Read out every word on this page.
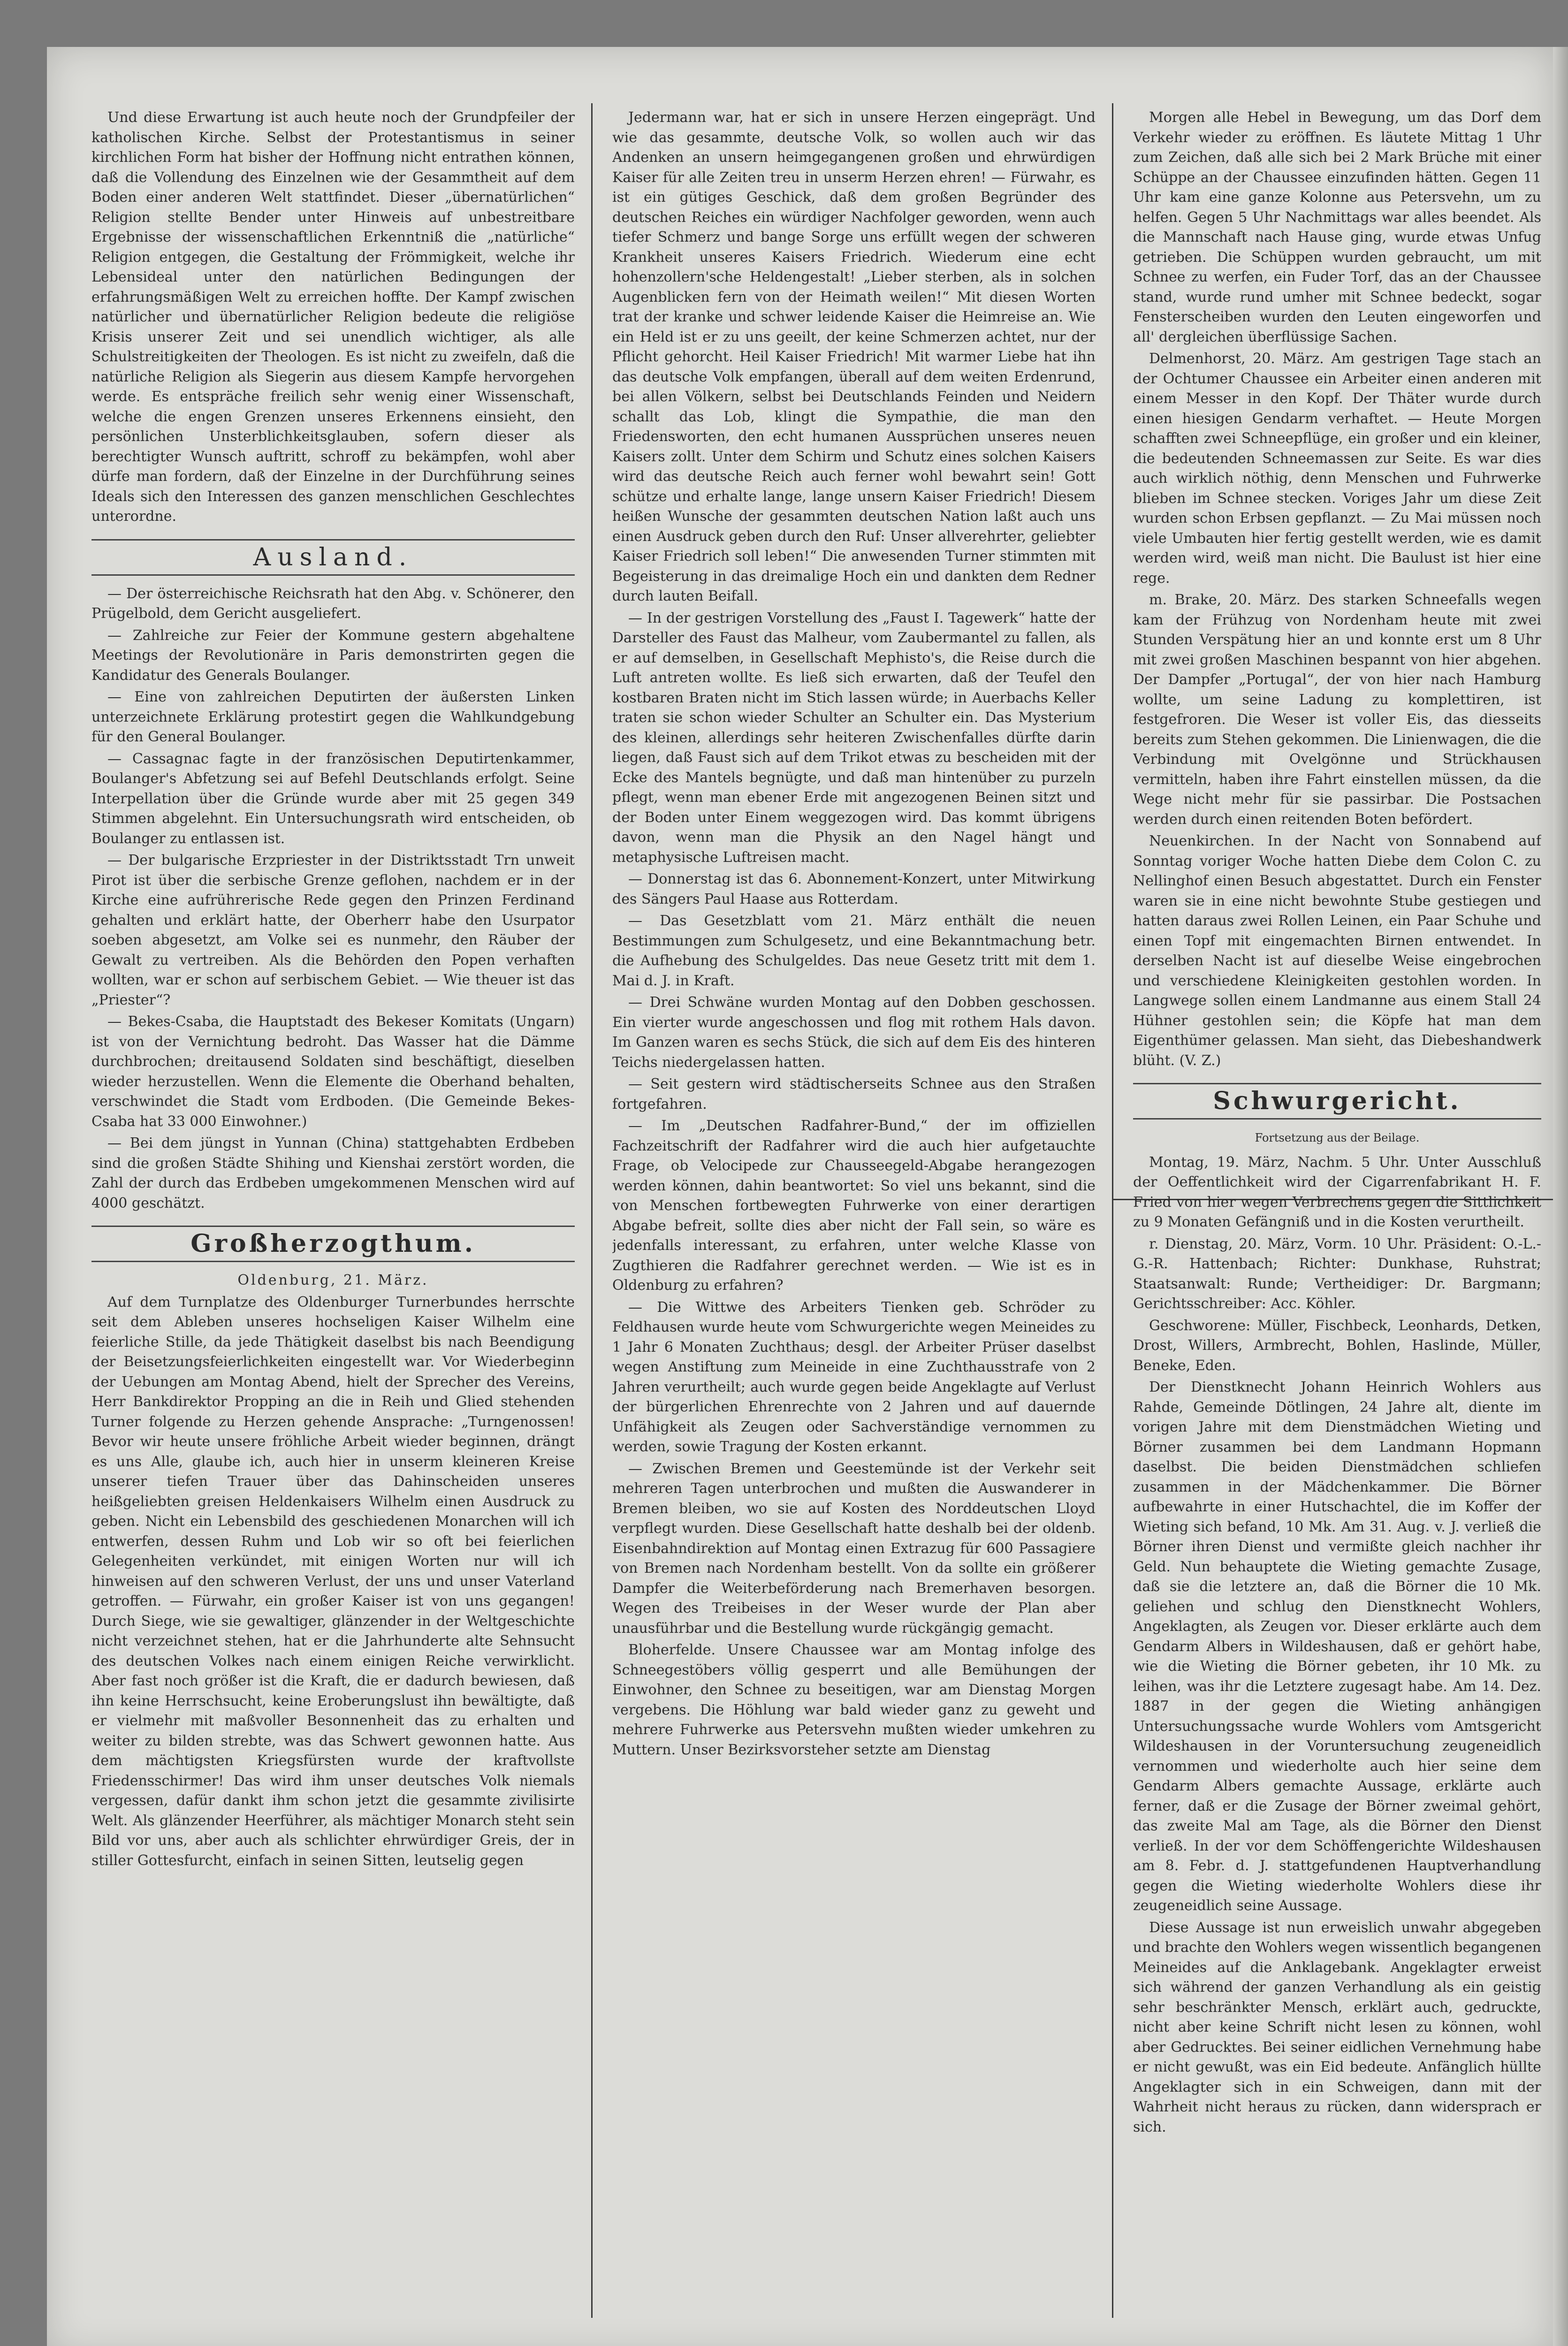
Und diese Erwartung ist auch heute noch der Grundpfeiler der katholischen Kirche. Selbst der Protestantismus in seiner kirchlichen Form hat bisher der Hoffnung nicht entrathen können, daß die Vollendung des Einzelnen wie der Gesammtheit auf dem Boden einer anderen Welt stattfindet. Dieser „übernatürlichen“ Religion stellte Bender unter Hinweis auf unbestreitbare Ergebnisse der wissenschaftlichen Erkenntniß die „natürliche“ Religion entgegen, die Gestaltung der Frömmigkeit, welche ihr Lebensideal unter den natürlichen Bedingungen der erfahrungsmäßigen Welt zu erreichen hoffte. Der Kampf zwischen natürlicher und übernatürlicher Religion bedeute die religiöse Krisis unserer Zeit und sei unendlich wichtiger, als alle Schulstreitigkeiten der Theologen. Es ist nicht zu zweifeln, daß die natürliche Religion als Siegerin aus diesem Kampfe hervorgehen werde. Es entspräche freilich sehr wenig einer Wissenschaft, welche die engen Grenzen unseres Erkennens einsieht, den persönlichen Unsterblichkeitsglauben, sofern dieser als berechtigter Wunsch auftritt, schroff zu bekämpfen, wohl aber dürfe man fordern, daß der Einzelne in der Durchführung seines Ideals sich den Interessen des ganzen menschlichen Geschlechtes unterordne.

Ausland.

— Der österreichische Reichsrath hat den Abg. v. Schönerer, den Prügelbold, dem Gericht ausgeliefert.

— Zahlreiche zur Feier der Kommune gestern abgehaltene Meetings der Revolutionäre in Paris demonstrirten gegen die Kandidatur des Generals Boulanger.

— Eine von zahlreichen Deputirten der äußersten Linken unterzeichnete Erklärung protestirt gegen die Wahlkundgebung für den General Boulanger.

— Cassagnac fagte in der französischen Deputirtenkammer, Boulanger's Abfetzung sei auf Befehl Deutschlands erfolgt. Seine Interpellation über die Gründe wurde aber mit 25 gegen 349 Stimmen abgelehnt. Ein Untersuchungsrath wird entscheiden, ob Boulanger zu entlassen ist.

— Der bulgarische Erzpriester in der Distriktsstadt Trn unweit Pirot ist über die serbische Grenze geflohen, nachdem er in der Kirche eine aufrührerische Rede gegen den Prinzen Ferdinand gehalten und erklärt hatte, der Oberherr habe den Usurpator soeben abgesetzt, am Volke sei es nunmehr, den Räuber der Gewalt zu vertreiben. Als die Behörden den Popen verhaften wollten, war er schon auf serbischem Gebiet. — Wie theuer ist das „Priester“?

— Bekes-Csaba, die Hauptstadt des Bekeser Komitats (Ungarn) ist von der Vernichtung bedroht. Das Wasser hat die Dämme durchbrochen; dreitausend Soldaten sind beschäftigt, dieselben wieder herzustellen. Wenn die Elemente die Oberhand behalten, verschwindet die Stadt vom Erdboden. (Die Gemeinde Bekes-Csaba hat 33 000 Einwohner.)

— Bei dem jüngst in Yunnan (China) stattgehabten Erdbeben sind die großen Städte Shihing und Kienshai zerstört worden, die Zahl der durch das Erdbeben umgekommenen Menschen wird auf 4000 geschätzt.

Großherzogthum.
Oldenburg, 21. März.

Auf dem Turnplatze des Oldenburger Turnerbundes herrschte seit dem Ableben unseres hochseligen Kaiser Wilhelm eine feierliche Stille, da jede Thätigkeit daselbst bis nach Beendigung der Beisetzungsfeierlichkeiten eingestellt war. Vor Wiederbeginn der Uebungen am Montag Abend, hielt der Sprecher des Vereins, Herr Bankdirektor Propping an die in Reih und Glied stehenden Turner folgende zu Herzen gehende Ansprache: „Turngenossen! Bevor wir heute unsere fröhliche Arbeit wieder beginnen, drängt es uns Alle, glaube ich, auch hier in unserm kleineren Kreise unserer tiefen Trauer über das Dahinscheiden unseres heißgeliebten greisen Heldenkaisers Wilhelm einen Ausdruck zu geben. Nicht ein Lebensbild des geschiedenen Monarchen will ich entwerfen, dessen Ruhm und Lob wir so oft bei feierlichen Gelegenheiten verkündet, mit einigen Worten nur will ich hinweisen auf den schweren Verlust, der uns und unser Vaterland getroffen. — Fürwahr, ein großer Kaiser ist von uns gegangen! Durch Siege, wie sie gewaltiger, glänzender in der Weltgeschichte nicht verzeichnet stehen, hat er die Jahrhunderte alte Sehnsucht des deutschen Volkes nach einem einigen Reiche verwirklicht. Aber fast noch größer ist die Kraft, die er dadurch bewiesen, daß ihn keine Herrschsucht, keine Eroberungslust ihn bewältigte, daß er vielmehr mit maßvoller Besonnenheit das zu erhalten und weiter zu bilden strebte, was das Schwert gewonnen hatte. Aus dem mächtigsten Kriegsfürsten wurde der kraftvollste Friedensschirmer! Das wird ihm unser deutsches Volk niemals vergessen, dafür dankt ihm schon jetzt die gesammte zivilisirte Welt. Als glänzender Heerführer, als mächtiger Monarch steht sein Bild vor uns, aber auch als schlichter ehrwürdiger Greis, der in stiller Gottesfurcht, einfach in seinen Sitten, leutselig gegen

Jedermann war, hat er sich in unsere Herzen eingeprägt. Und wie das gesammte, deutsche Volk, so wollen auch wir das Andenken an unsern heimgegangenen großen und ehrwürdigen Kaiser für alle Zeiten treu in unserm Herzen ehren! — Fürwahr, es ist ein gütiges Geschick, daß dem großen Begründer des deutschen Reiches ein würdiger Nachfolger geworden, wenn auch tiefer Schmerz und bange Sorge uns erfüllt wegen der schweren Krankheit unseres Kaisers Friedrich. Wiederum eine echt hohenzollern'sche Heldengestalt! „Lieber sterben, als in solchen Augenblicken fern von der Heimath weilen!“ Mit diesen Worten trat der kranke und schwer leidende Kaiser die Heimreise an. Wie ein Held ist er zu uns geeilt, der keine Schmerzen achtet, nur der Pflicht gehorcht. Heil Kaiser Friedrich! Mit warmer Liebe hat ihn das deutsche Volk empfangen, überall auf dem weiten Erdenrund, bei allen Völkern, selbst bei Deutschlands Feinden und Neidern schallt das Lob, klingt die Sympathie, die man den Friedensworten, den echt humanen Aussprüchen unseres neuen Kaisers zollt. Unter dem Schirm und Schutz eines solchen Kaisers wird das deutsche Reich auch ferner wohl bewahrt sein! Gott schütze und erhalte lange, lange unsern Kaiser Friedrich! Diesem heißen Wunsche der gesammten deutschen Nation laßt auch uns einen Ausdruck geben durch den Ruf: Unser allverehrter, geliebter Kaiser Friedrich soll leben!“ Die anwesenden Turner stimmten mit Begeisterung in das dreimalige Hoch ein und dankten dem Redner durch lauten Beifall.

— In der gestrigen Vorstellung des „Faust I. Tagewerk“ hatte der Darsteller des Faust das Malheur, vom Zaubermantel zu fallen, als er auf demselben, in Gesellschaft Mephisto's, die Reise durch die Luft antreten wollte. Es ließ sich erwarten, daß der Teufel den kostbaren Braten nicht im Stich lassen würde; in Auerbachs Keller traten sie schon wieder Schulter an Schulter ein. Das Mysterium des kleinen, allerdings sehr heiteren Zwischenfalles dürfte darin liegen, daß Faust sich auf dem Trikot etwas zu bescheiden mit der Ecke des Mantels begnügte, und daß man hintenüber zu purzeln pflegt, wenn man ebener Erde mit angezogenen Beinen sitzt und der Boden unter Einem weggezogen wird. Das kommt übrigens davon, wenn man die Physik an den Nagel hängt und metaphysische Luftreisen macht.

— Donnerstag ist das 6. Abonnement-Konzert, unter Mitwirkung des Sängers Paul Haase aus Rotterdam.

— Das Gesetzblatt vom 21. März enthält die neuen Bestimmungen zum Schulgesetz, und eine Bekanntmachung betr. die Aufhebung des Schulgeldes. Das neue Gesetz tritt mit dem 1. Mai d. J. in Kraft.

— Drei Schwäne wurden Montag auf den Dobben geschossen. Ein vierter wurde angeschossen und flog mit rothem Hals davon. Im Ganzen waren es sechs Stück, die sich auf dem Eis des hinteren Teichs niedergelassen hatten.

— Seit gestern wird städtischerseits Schnee aus den Straßen fortgefahren.

— Im „Deutschen Radfahrer-Bund,“ der im offiziellen Fachzeitschrift der Radfahrer wird die auch hier aufgetauchte Frage, ob Velocipede zur Chausseegeld-Abgabe herangezogen werden können, dahin beantwortet: So viel uns bekannt, sind die von Menschen fortbewegten Fuhrwerke von einer derartigen Abgabe befreit, sollte dies aber nicht der Fall sein, so wäre es jedenfalls interessant, zu erfahren, unter welche Klasse von Zugthieren die Radfahrer gerechnet werden. — Wie ist es in Oldenburg zu erfahren?

— Die Wittwe des Arbeiters Tienken geb. Schröder zu Feldhausen wurde heute vom Schwurgerichte wegen Meineides zu 1 Jahr 6 Monaten Zuchthaus; desgl. der Arbeiter Prüser daselbst wegen Anstiftung zum Meineide in eine Zuchthausstrafe von 2 Jahren verurtheilt; auch wurde gegen beide Angeklagte auf Verlust der bürgerlichen Ehrenrechte von 2 Jahren und auf dauernde Unfähigkeit als Zeugen oder Sachverständige vernommen zu werden, sowie Tragung der Kosten erkannt.

— Zwischen Bremen und Geestemünde ist der Verkehr seit mehreren Tagen unterbrochen und mußten die Auswanderer in Bremen bleiben, wo sie auf Kosten des Norddeutschen Lloyd verpflegt wurden. Diese Gesellschaft hatte deshalb bei der oldenb. Eisenbahndirektion auf Montag einen Extrazug für 600 Passagiere von Bremen nach Nordenham bestellt. Von da sollte ein größerer Dampfer die Weiterbeförderung nach Bremerhaven besorgen. Wegen des Treibeises in der Weser wurde der Plan aber unausführbar und die Bestellung wurde rückgängig gemacht.

Bloherfelde. Unsere Chaussee war am Montag infolge des Schneegestöbers völlig gesperrt und alle Bemühungen der Einwohner, den Schnee zu beseitigen, war am Dienstag Morgen vergebens. Die Höhlung war bald wieder ganz zu geweht und mehrere Fuhrwerke aus Petersvehn mußten wieder umkehren zu Muttern. Unser Bezirksvorsteher setzte am Dienstag

Morgen alle Hebel in Bewegung, um das Dorf dem Verkehr wieder zu eröffnen. Es läutete Mittag 1 Uhr zum Zeichen, daß alle sich bei 2 Mark Brüche mit einer Schüppe an der Chaussee einzufinden hätten. Gegen 11 Uhr kam eine ganze Kolonne aus Petersvehn, um zu helfen. Gegen 5 Uhr Nachmittags war alles beendet. Als die Mannschaft nach Hause ging, wurde etwas Unfug getrieben. Die Schüppen wurden gebraucht, um mit Schnee zu werfen, ein Fuder Torf, das an der Chaussee stand, wurde rund umher mit Schnee bedeckt, sogar Fensterscheiben wurden den Leuten eingeworfen und all' dergleichen überflüssige Sachen.

Delmenhorst, 20. März. Am gestrigen Tage stach an der Ochtumer Chaussee ein Arbeiter einen anderen mit einem Messer in den Kopf. Der Thäter wurde durch einen hiesigen Gendarm verhaftet. — Heute Morgen schafften zwei Schneepflüge, ein großer und ein kleiner, die bedeutenden Schneemassen zur Seite. Es war dies auch wirklich nöthig, denn Menschen und Fuhrwerke blieben im Schnee stecken. Voriges Jahr um diese Zeit wurden schon Erbsen gepflanzt. — Zu Mai müssen noch viele Umbauten hier fertig gestellt werden, wie es damit werden wird, weiß man nicht. Die Baulust ist hier eine rege.

m. Brake, 20. März. Des starken Schneefalls wegen kam der Frühzug von Nordenham heute mit zwei Stunden Verspätung hier an und konnte erst um 8 Uhr mit zwei großen Maschinen bespannt von hier abgehen. Der Dampfer „Portugal“, der von hier nach Hamburg wollte, um seine Ladung zu komplettiren, ist festgefroren. Die Weser ist voller Eis, das diesseits bereits zum Stehen gekommen. Die Linienwagen, die die Verbindung mit Ovelgönne und Strückhausen vermitteln, haben ihre Fahrt einstellen müssen, da die Wege nicht mehr für sie passirbar. Die Postsachen werden durch einen reitenden Boten befördert.

Neuenkirchen. In der Nacht von Sonnabend auf Sonntag voriger Woche hatten Diebe dem Colon C. zu Nellinghof einen Besuch abgestattet. Durch ein Fenster waren sie in eine nicht bewohnte Stube gestiegen und hatten daraus zwei Rollen Leinen, ein Paar Schuhe und einen Topf mit eingemachten Birnen entwendet. In derselben Nacht ist auf dieselbe Weise eingebrochen und verschiedene Kleinigkeiten gestohlen worden. In Langwege sollen einem Landmanne aus einem Stall 24 Hühner gestohlen sein; die Köpfe hat man dem Eigenthümer gelassen. Man sieht, das Diebeshandwerk blüht. (V. Z.)

Schwurgericht.
Fortsetzung aus der Beilage.

Montag, 19. März, Nachm. 5 Uhr. Unter Ausschluß der Oeffentlichkeit wird der Cigarrenfabrikant H. F. Fried von hier wegen Verbrechens gegen die Sittlichkeit zu 9 Monaten Gefängniß und in die Kosten verurtheilt.

r. Dienstag, 20. März, Vorm. 10 Uhr. Präsident: O.-L.-G.-R. Hattenbach; Richter: Dunkhase, Ruhstrat; Staatsanwalt: Runde; Vertheidiger: Dr. Bargmann; Gerichtsschreiber: Acc. Köhler.

Geschworene: Müller, Fischbeck, Leonhards, Detken, Drost, Willers, Armbrecht, Bohlen, Haslinde, Müller, Beneke, Eden.

Der Dienstknecht Johann Heinrich Wohlers aus Rahde, Gemeinde Dötlingen, 24 Jahre alt, diente im vorigen Jahre mit dem Dienstmädchen Wieting und Börner zusammen bei dem Landmann Hopmann daselbst. Die beiden Dienstmädchen schliefen zusammen in der Mädchenkammer. Die Börner aufbewahrte in einer Hutschachtel, die im Koffer der Wieting sich befand, 10 Mk. Am 31. Aug. v. J. verließ die Börner ihren Dienst und vermißte gleich nachher ihr Geld. Nun behauptete die Wieting gemachte Zusage, daß sie die letztere an, daß die Börner die 10 Mk. geliehen und schlug den Dienstknecht Wohlers, Angeklagten, als Zeugen vor. Dieser erklärte auch dem Gendarm Albers in Wildeshausen, daß er gehört habe, wie die Wieting die Börner gebeten, ihr 10 Mk. zu leihen, was ihr die Letztere zugesagt habe. Am 14. Dez. 1887 in der gegen die Wieting anhängigen Untersuchungssache wurde Wohlers vom Amtsgericht Wildeshausen in der Voruntersuchung zeugeneidlich vernommen und wiederholte auch hier seine dem Gendarm Albers gemachte Aussage, erklärte auch ferner, daß er die Zusage der Börner zweimal gehört, das zweite Mal am Tage, als die Börner den Dienst verließ. In der vor dem Schöffengerichte Wildeshausen am 8. Febr. d. J. stattgefundenen Hauptverhandlung gegen die Wieting wiederholte Wohlers diese ihr zeugeneidlich seine Aussage.

Diese Aussage ist nun erweislich unwahr abgegeben und brachte den Wohlers wegen wissentlich begangenen Meineides auf die Anklagebank. Angeklagter erweist sich während der ganzen Verhandlung als ein geistig sehr beschränkter Mensch, erklärt auch, gedruckte, nicht aber keine Schrift nicht lesen zu können, wohl aber Gedrucktes. Bei seiner eidlichen Vernehmung habe er nicht gewußt, was ein Eid bedeute. Anfänglich hüllte Angeklagter sich in ein Schweigen, dann mit der Wahrheit nicht heraus zu rücken, dann widersprach er sich.
